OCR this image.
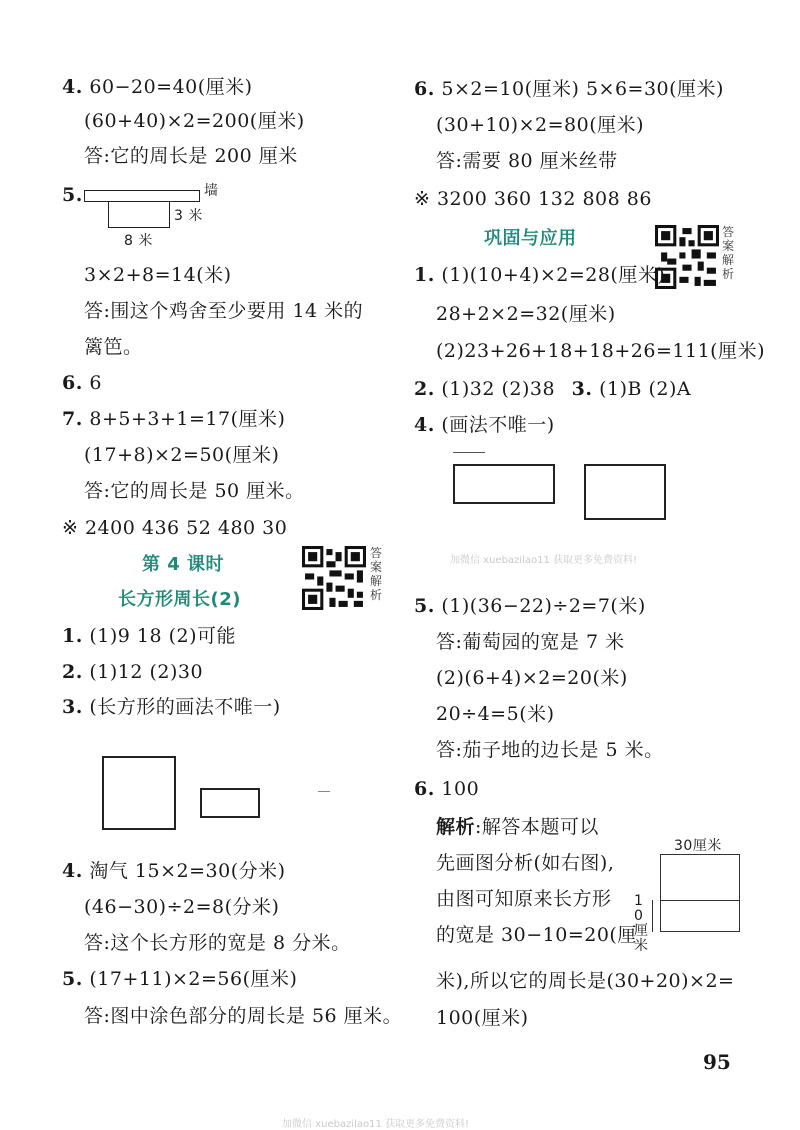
4. 60−20=40(厘米)
(60+40)×2=200(厘米)
答:它的周长是 200 厘米
5.	墙
3 米
8 米
3×2+8=14(米)
答:围这个鸡舍至少要用 14 米的
篱笆。
6. 6
7. 8+5+3+1=17(厘米)
(17+8)×2=50(厘米)
答:它的周长是 50 厘米。
※ 2400 436 52 480 30
第 4 课时
长方形周长(2)
答案解析
1. (1)9 18 (2)可能
2. (1)12 (2)30
3. (长方形的画法不唯一)
4. 淘气 15×2=30(分米)
(46−30)÷2=8(分米)
答:这个长方形的宽是 8 分米。
5. (17+11)×2=56(厘米)
答:图中涂色部分的周长是 56 厘米。
6. 5×2=10(厘米) 5×6=30(厘米)
(30+10)×2=80(厘米)
答:需要 80 厘米丝带
※ 3200 360 132 808 86
巩固与应用	答案解析
1. (1)(10+4)×2=28(厘米)
28+2×2=32(厘米)
(2)23+26+18+18+26=111(厘米)
2. (1)32 (2)38 3. (1)B (2)A
4. (画法不唯一)
加微信 xuebazilao11 获取更多免费资料!
5. (1)(36−22)÷2=7(米)
答:葡萄园的宽是 7 米
(2)(6+4)×2=20(米)
20÷4=5(米)
答:茄子地的边长是 5 米。
6. 100
解析:解答本题可以
先画图分析(如右图),
由图可知原来长方形
的宽是 30−10=20(厘
米),所以它的周长是(30+20)×2=
100(厘米)
30厘米
10厘米
95
加微信 xuebazilao11 获取更多免费资料!
